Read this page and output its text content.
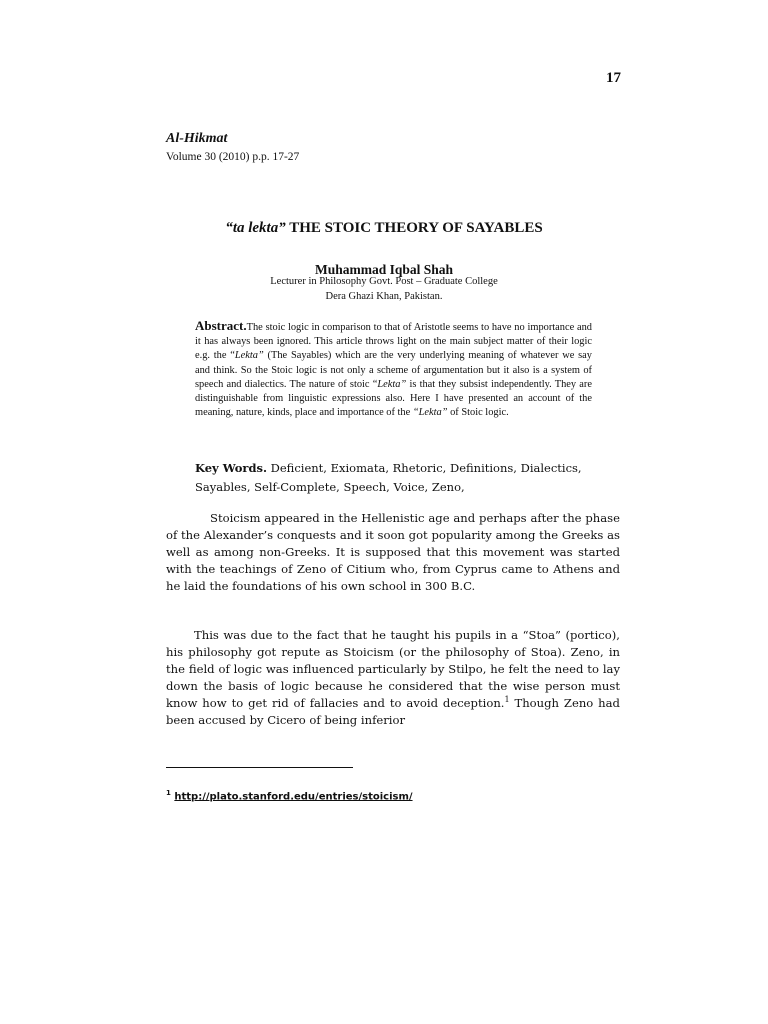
17
Al-Hikmat
Volume 30 (2010) p.p. 17-27
“ta lekta” THE STOIC THEORY OF SAYABLES
Muhammad Iqbal Shah
Lecturer in Philosophy Govt. Post – Graduate College
Dera Ghazi Khan, Pakistan.
Abstract.The stoic logic in comparison to that of Aristotle seems to have no importance and it has always been ignored. This article throws light on the main subject matter of their logic e.g. the “Lekta” (The Sayables) which are the very underlying meaning of whatever we say and think. So the Stoic logic is not only a scheme of argumentation but it also is a system of speech and dialectics. The nature of stoic “Lekta” is that they subsist independently. They are distinguishable from linguistic expressions also. Here I have presented an account of the meaning, nature, kinds, place and importance of the “Lekta” of Stoic logic.
Key Words. Deficient, Exiomata, Rhetoric, Definitions, Dialectics, Sayables, Self-Complete, Speech, Voice, Zeno,
Stoicism appeared in the Hellenistic age and perhaps after the phase of the Alexander’s conquests and it soon got popularity among the Greeks as well as among non-Greeks. It is supposed that this movement was started with the teachings of Zeno of Citium who, from Cyprus came to Athens and he laid the foundations of his own school in 300 B.C.
This was due to the fact that he taught his pupils in a “Stoa” (portico), his philosophy got repute as Stoicism (or the philosophy of Stoa). Zeno, in the field of logic was influenced particularly by Stilpo, he felt the need to lay down the basis of logic because he considered that the wise person must know how to get rid of fallacies and to avoid deception.$^1$ Though Zeno had been accused by Cicero of being inferior
$^1$ http://plato.stanford.edu/entries/stoicism/
